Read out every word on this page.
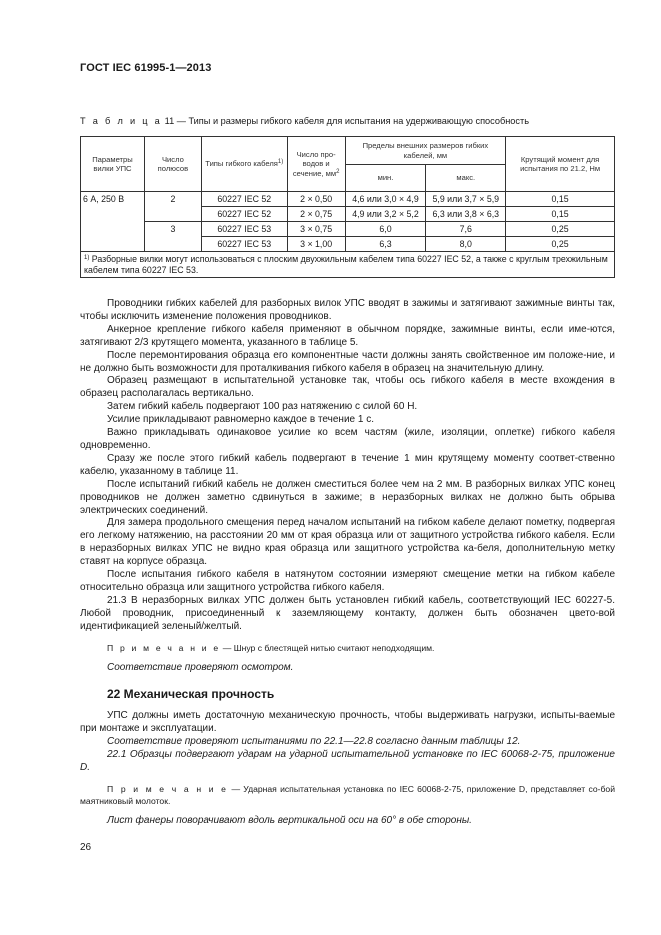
ГОСТ IEC 61995-1—2013
Т а б л и ц а 11 — Типы и размеры гибкого кабеля для испытания на удерживающую способность
Параметры вилки УПС	Число полюсов	Типы гибкого кабеля$^{1)}$	Число про-водов и сечение, $мм^2$	Пределы внешних размеров гибких кабелей, мм		Крутящий момент для испытания по 21.2, Нм
				мин.	макс.	
6 А, 250 В	2	60227 IEC 52	2 × 0,50	4,6 или 3,0 × 4,9	5,9 или 3,7 × 5,9	0,15
		60227 IEC 52	2 × 0,75	4,9 или 3,2 × 5,2	6,3 или 3,8 × 6,3	0,15
	3	60227 IEC 53	3 × 0,75	6,0	7,6	0,25
		60227 IEC 53	3 × 1,00	6,3	8,0	0,25
$^{1)}$ Разборные вилки могут использоваться с плоским двухжильным кабелем типа 60227 IEC 52, а также с круглым трехжильным кабелем типа 60227 IEC 53.						

Проводники гибких кабелей для разборных вилок УПС вводят в зажимы и затягивают зажимные винты так, чтобы исключить изменение положения проводников.

Анкерное крепление гибкого кабеля применяют в обычном порядке, зажимные винты, если име-ются, затягивают 2/3 крутящего момента, указанного в таблице 5.

После перемонтирования образца его компонентные части должны занять свойственное им положе-ние, и не должно быть возможности для проталкивания гибкого кабеля в образец на значительную длину.

Образец размещают в испытательной установке так, чтобы ось гибкого кабеля в месте вхождения в образец располагалась вертикально.

Затем гибкий кабель подвергают 100 раз натяжению с силой 60 Н.

Усилие прикладывают равномерно каждое в течение 1 с.

Важно прикладывать одинаковое усилие ко всем частям (жиле, изоляции, оплетке) гибкого кабеля одновременно.

Сразу же после этого гибкий кабель подвергают в течение 1 мин крутящему моменту соответ-ственно кабелю, указанному в таблице 11.

После испытаний гибкий кабель не должен сместиться более чем на 2 мм. В разборных вилках УПС конец проводников не должен заметно сдвинуться в зажиме; в неразборных вилках не должно быть обрыва электрических соединений.

Для замера продольного смещения перед началом испытаний на гибком кабеле делают пометку, подвергая его легкому натяжению, на расстоянии 20 мм от края образца или от защитного устройства гибкого кабеля. Если в неразборных вилках УПС не видно края образца или защитного устройства ка-беля, дополнительную метку ставят на корпусе образца.

После испытания гибкого кабеля в натянутом состоянии измеряют смещение метки на гибком кабеле относительно образца или защитного устройства гибкого кабеля.

21.3 В неразборных вилках УПС должен быть установлен гибкий кабель, соответствующий IEC 60227-5. Любой проводник, присоединенный к заземляющему контакту, должен быть обозначен цвето-вой идентификацией зеленый/желтый.

П р и м е ч а н и е — Шнур с блестящей нитью считают неподходящим.

Соответствие проверяют осмотром.

22 Механическая прочность

УПС должны иметь достаточную механическую прочность, чтобы выдерживать нагрузки, испыты-ваемые при монтаже и эксплуатации.

Соответствие проверяют испытаниями по 22.1—22.8 согласно данным таблицы 12.

22.1 Образцы подвергают ударам на ударной испытательной установке по IEC 60068-2-75, приложение D.

П р и м е ч а н и е — Ударная испытательная установка по IEC 60068-2-75, приложение D, представляет со-бой маятниковый молоток.

Лист фанеры поворачивают вдоль вертикальной оси на 60° в обе стороны.

26
